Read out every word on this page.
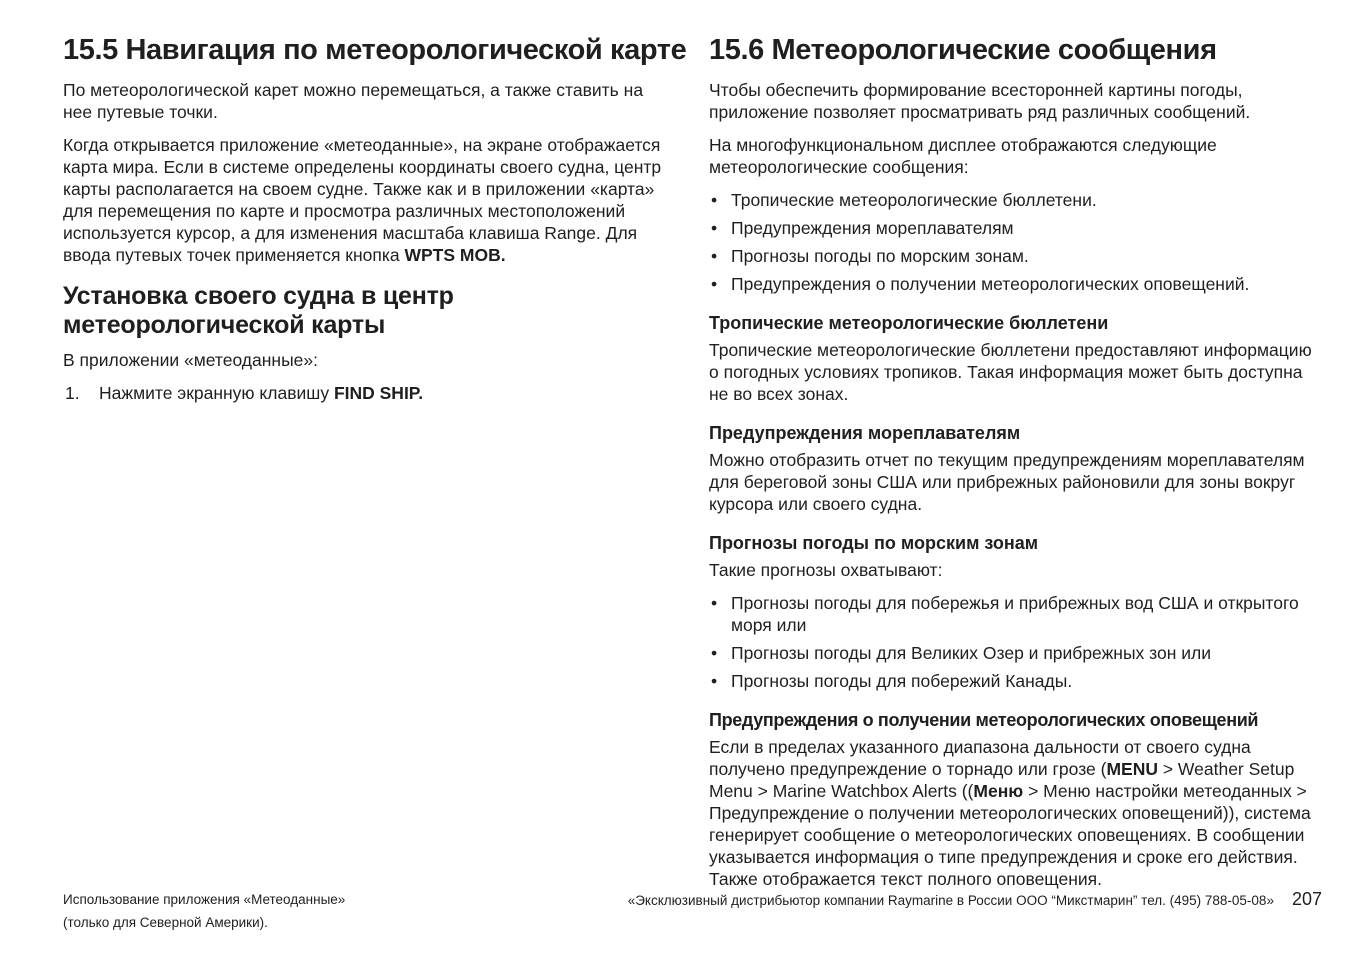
15.5 Навигация по метеорологической карте

По метеорологической карет можно перемещаться, а также ставить на нее путевые точки.

Когда открывается приложение «метеоданные», на экране отображается карта мира. Если в системе определены координаты своего судна, центр карты располагается на своем судне. Также как и в приложении «карта» для перемещения по карте и просмотра различных местоположений используется курсор, а для изменения масштаба клавиша Range. Для ввода путевых точек применяется кнопка WPTS MOB.

Установка своего судна в центр метеорологической карты

В приложении «метеоданные»:

1.	Нажмите экранную клавишу FIND SHIP.
15.6 Метеорологические сообщения

Чтобы обеспечить формирование всесторонней картины погоды, приложение позволяет просматривать ряд различных сообщений.

На многофункциональном дисплее отображаются следующие метеорологические сообщения:

• Тропические метеорологические бюллетени.
• Предупреждения мореплавателям
• Прогнозы погоды по морским зонам.
• Предупреждения о получении метеорологических оповещений.
Тропические метеорологические бюллетени

Тропические метеорологические бюллетени предоставляют информацию о погодных условиях тропиков. Такая информация может быть доступна не во всех зонах.

Предупреждения мореплавателям

Можно отобразить отчет по текущим предупреждениям мореплавателям для береговой зоны США или прибрежных районовили для зоны вокруг курсора или своего судна.

Прогнозы погоды по морским зонам

Такие прогнозы охватывают:

• Прогнозы погоды для побережья и прибрежных вод США и открытого моря или
• Прогнозы погоды для Великих Озер и прибрежных зон или
• Прогнозы погоды для побережий Канады.
Предупреждения о получении метеорологических оповещений

Если в пределах указанного диапазона дальности от своего судна получено предупреждение о торнадо или грозе (MENU > Weather Setup Menu > Marine Watchbox Alerts ((Меню > Меню настройки метеоданных > Предупреждение о получении метеорологических оповещений)), система генерирует сообщение о метеорологических оповещениях. В сообщении указывается информация о типе предупреждения и сроке его действия. Также отображается текст полного оповещения.

Использование приложения «Метеоданные»
(только для Северной Америки).
«Эксклюзивный дистрибьютор компании Raymarine в России ООО “Микстмарин” тел. (495) 788-05-08» 207
